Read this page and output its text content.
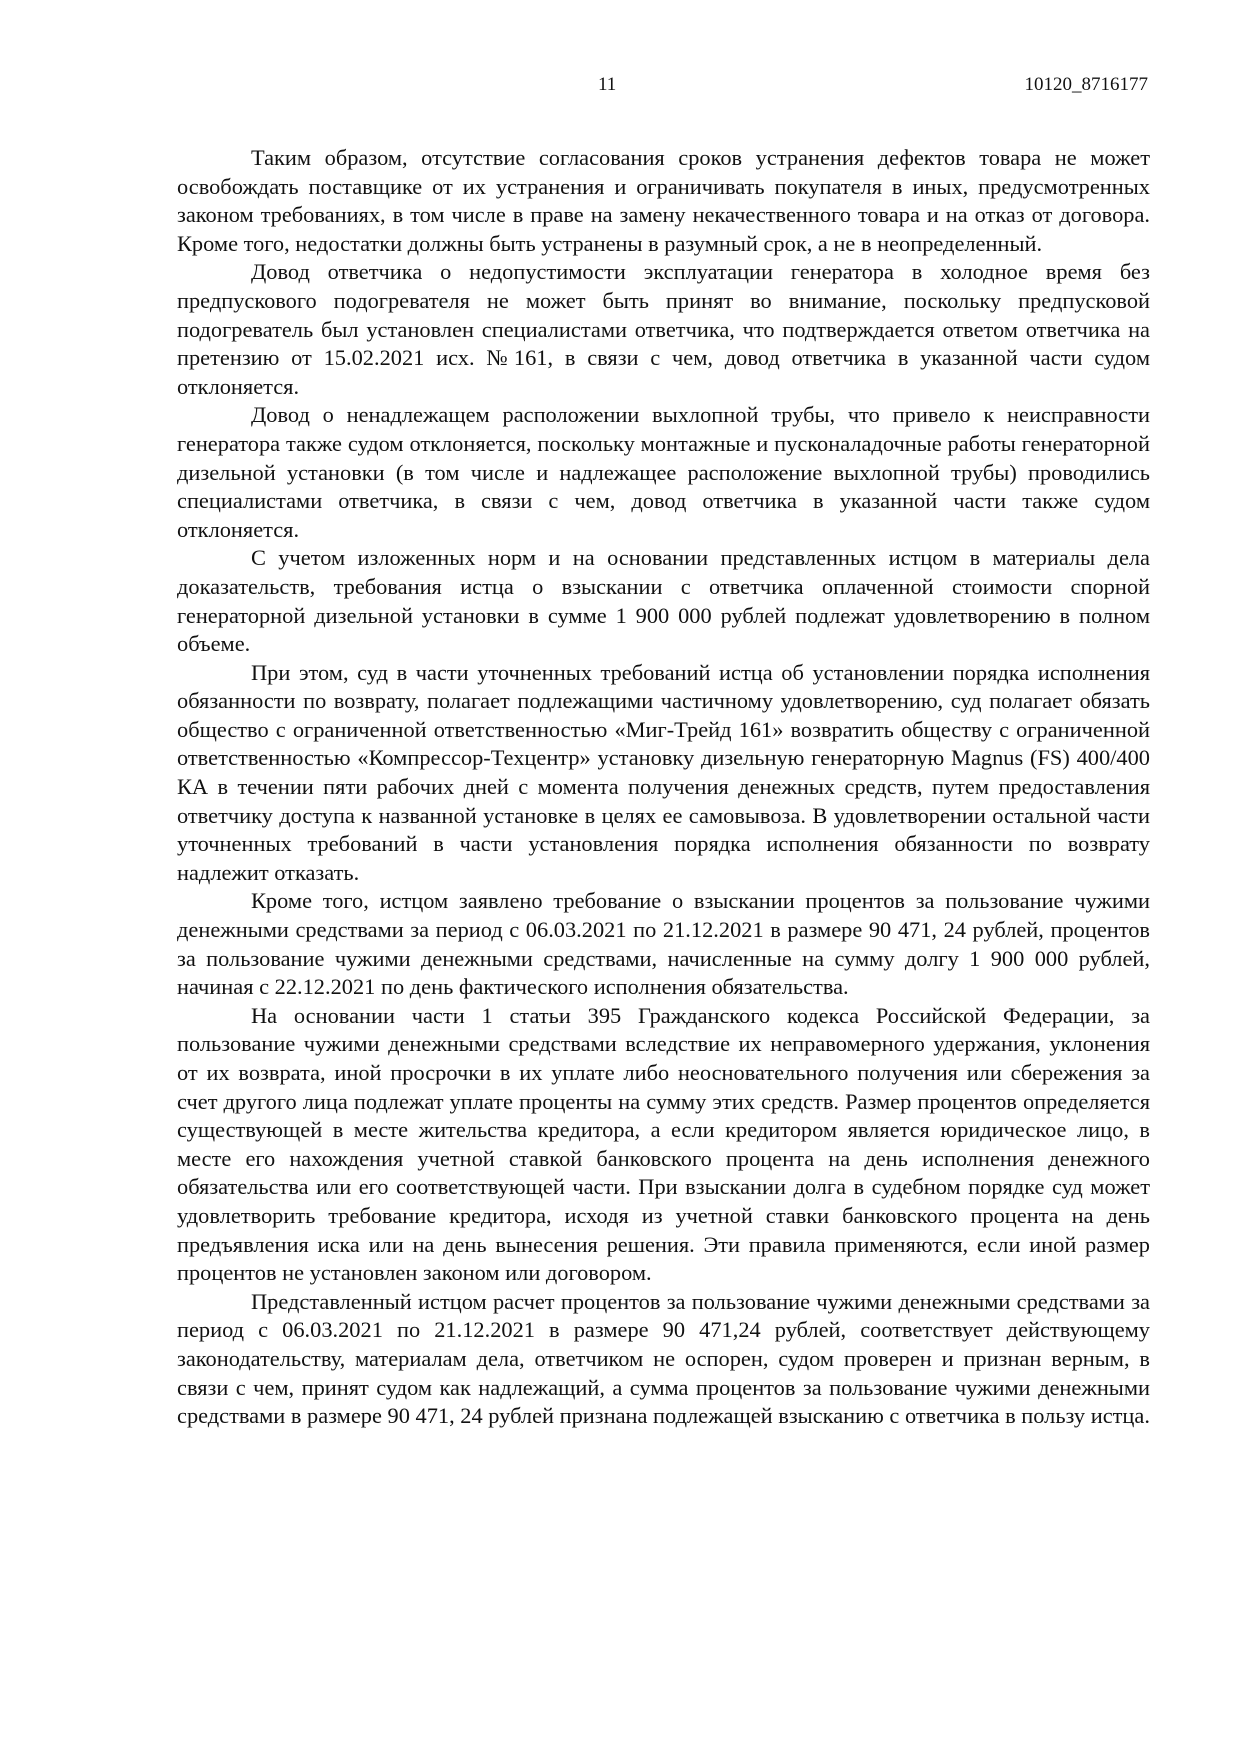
11	10120_8716177

Таким образом, отсутствие согласования сроков устранения дефектов товара не может освобождать поставщике от их устранения и ограничивать покупателя в иных, предусмотренных законом требованиях, в том числе в праве на замену некачественного товара и на отказ от договора. Кроме того, недостатки должны быть устранены в разумный срок, а не в неопределенный.

Довод ответчика о недопустимости эксплуатации генератора в холодное время без предпускового подогревателя не может быть принят во внимание, поскольку предпусковой подогреватель был установлен специалистами ответчика, что подтверждается ответом ответчика на претензию от 15.02.2021 исх. №161, в связи с чем, довод ответчика в указанной части судом отклоняется.

Довод о ненадлежащем расположении выхлопной трубы, что привело к неисправности генератора также судом отклоняется, поскольку монтажные и пусконаладочные работы генераторной дизельной установки (в том числе и надлежащее расположение выхлопной трубы) проводились специалистами ответчика, в связи с чем, довод ответчика в указанной части также судом отклоняется.

С учетом изложенных норм и на основании представленных истцом в материалы дела доказательств, требования истца о взыскании с ответчика оплаченной стоимости спорной генераторной дизельной установки в сумме 1 900 000 рублей подлежат удовлетворению в полном объеме.

При этом, суд в части уточненных требований истца об установлении порядка исполнения обязанности по возврату, полагает подлежащими частичному удовлетворению, суд полагает обязать общество с ограниченной ответственностью «Миг-Трейд 161» возвратить обществу с ограниченной ответственностью «Компрессор-Техцентр» установку дизельную генераторную Magnus (FS) 400/400 КА в течении пяти рабочих дней с момента получения денежных средств, путем предоставления ответчику доступа к названной установке в целях ее самовывоза. В удовлетворении остальной части уточненных требований в части установления порядка исполнения обязанности по возврату надлежит отказать.

Кроме того, истцом заявлено требование о взыскании процентов за пользование чужими денежными средствами за период с 06.03.2021 по 21.12.2021 в размере 90 471, 24 рублей, процентов за пользование чужими денежными средствами, начисленные на сумму долгу 1 900 000 рублей, начиная с 22.12.2021 по день фактического исполнения обязательства.

На основании части 1 статьи 395 Гражданского кодекса Российской Федерации, за пользование чужими денежными средствами вследствие их неправомерного удержания, уклонения от их возврата, иной просрочки в их уплате либо неосновательного получения или сбережения за счет другого лица подлежат уплате проценты на сумму этих средств. Размер процентов определяется существующей в месте жительства кредитора, а если кредитором является юридическое лицо, в месте его нахождения учетной ставкой банковского процента на день исполнения денежного обязательства или его соответствующей части. При взыскании долга в судебном порядке суд может удовлетворить требование кредитора, исходя из учетной ставки банковского процента на день предъявления иска или на день вынесения решения. Эти правила применяются, если иной размер процентов не установлен законом или договором.

Представленный истцом расчет процентов за пользование чужими денежными средствами за период с 06.03.2021 по 21.12.2021 в размере 90 471,24 рублей, соответствует действующему законодательству, материалам дела, ответчиком не оспорен, судом проверен и признан верным, в связи с чем, принят судом как надлежащий, а сумма процентов за пользование чужими денежными средствами в размере 90 471, 24 рублей признана подлежащей взысканию с ответчика в пользу истца.
